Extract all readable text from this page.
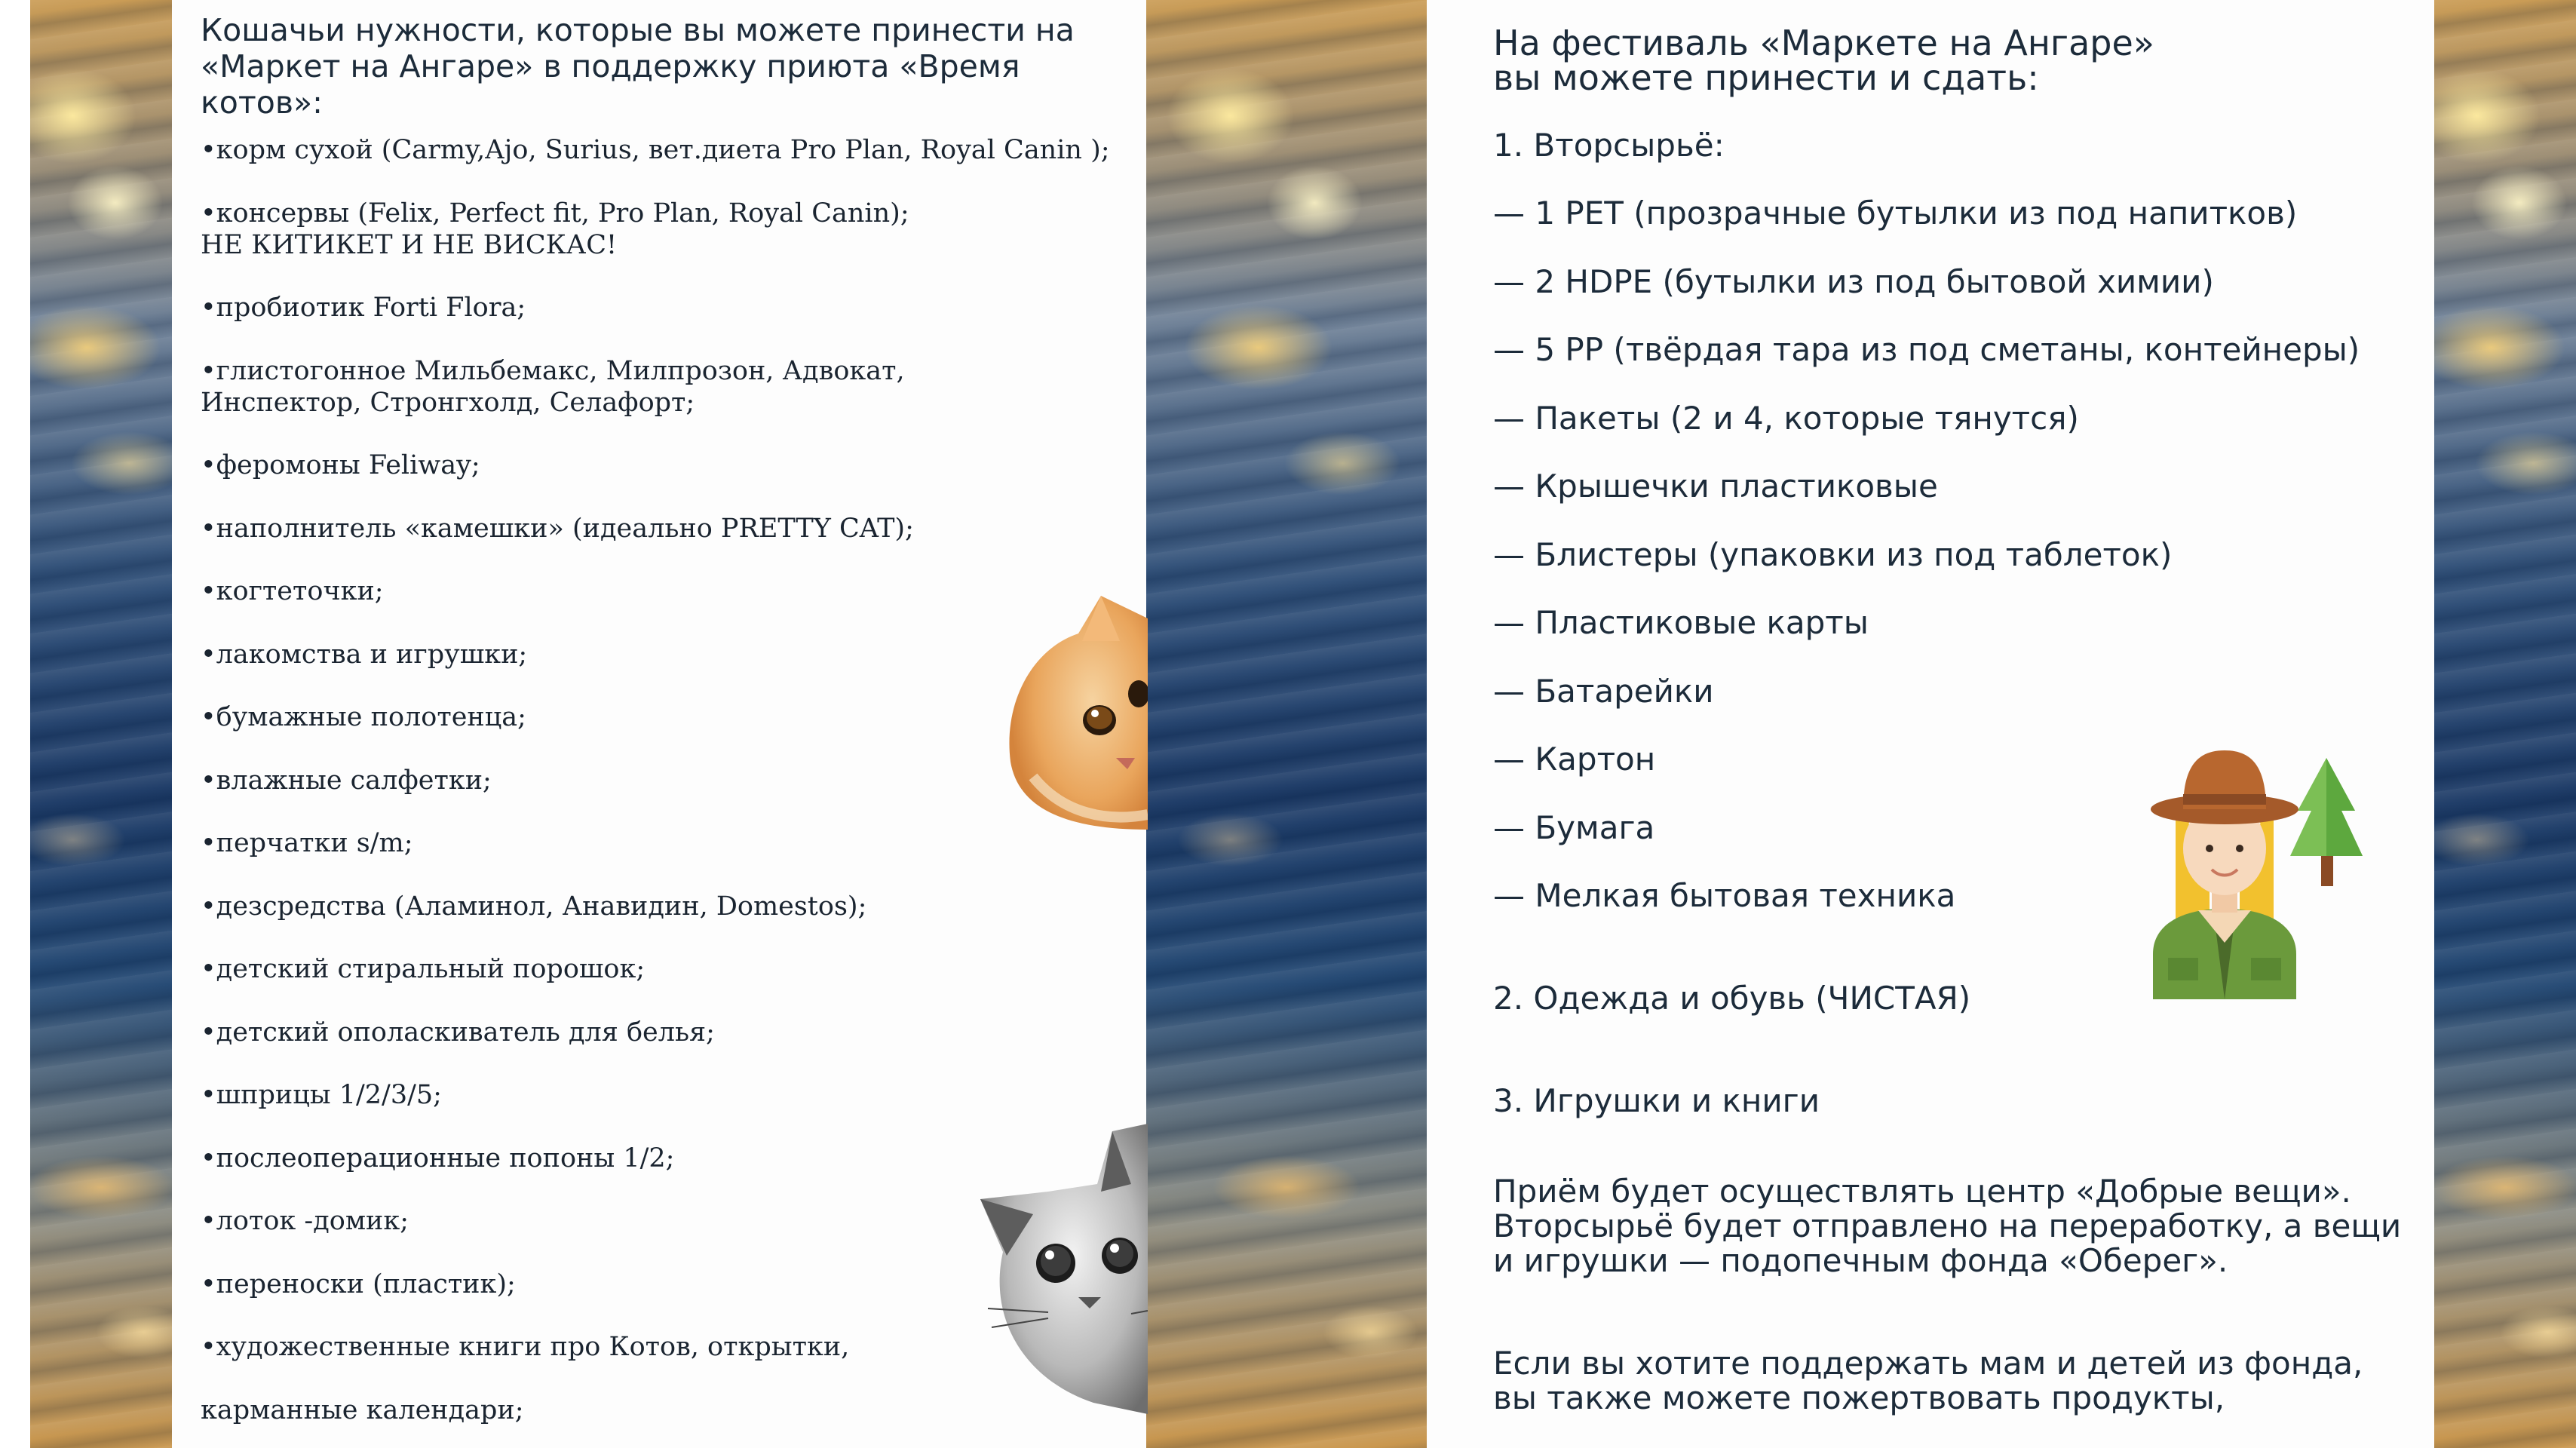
Кошачьи нужности, которые вы можете принести на
«Маркет на Ангаре» в поддержку приюта «Время котов»:

•корм сухой (Carmy,Ajo, Surius, вет.диета Pro Plan, Royal Canin );

•консервы (Felix, Perfect fit, Pro Plan, Royal Canin);

НЕ КИТИКЕТ И НЕ ВИСКАС!

•пробиотик Forti Flora;

•глистогонное Мильбемакс, Милпрозон, Адвокат,

Инспектор, Стронгхолд, Селафорт;

•феромоны Feliway;

•наполнитель «камешки» (идеально PRETTY CAT);

•когтеточки;

•лакомства и игрушки;

•бумажные полотенца;

•влажные салфетки;

•перчатки s/m;

•дезсредства (Аламинол, Анавидин, Domestos);

•детский стиральный порошок;

•детский ополаскиватель для белья;

•шприцы 1/2/3/5;

•послеоперационные попоны 1/2;

•лоток -домик;

•переноски (пластик);

•художественные книги про Котов, открытки,

карманные календари;

На фестиваль «Маркете на Ангаре»
вы можете принести и сдать:

1. Вторсырьё:

— 1 PET (прозрачные бутылки из под напитков)

— 2 HDPE (бутылки из под бытовой химии)

— 5 PP (твёрдая тара из под сметаны, контейнеры)

— Пакеты (2 и 4, которые тянутся)

— Крышечки пластиковые

— Блистеры (упаковки из под таблеток)

— Пластиковые карты

— Батарейки

— Картон

— Бумага

— Мелкая бытовая техника

2. Одежда и обувь (ЧИСТАЯ)

3. Игрушки и книги

Приём будет осуществлять центр «Добрые вещи».
Вторсырьё будет отправлено на переработку, а вещи
и игрушки — подопечным фонда «Оберег».

Если вы хотите поддержать мам и детей из фонда,
вы также можете пожертвовать продукты,
